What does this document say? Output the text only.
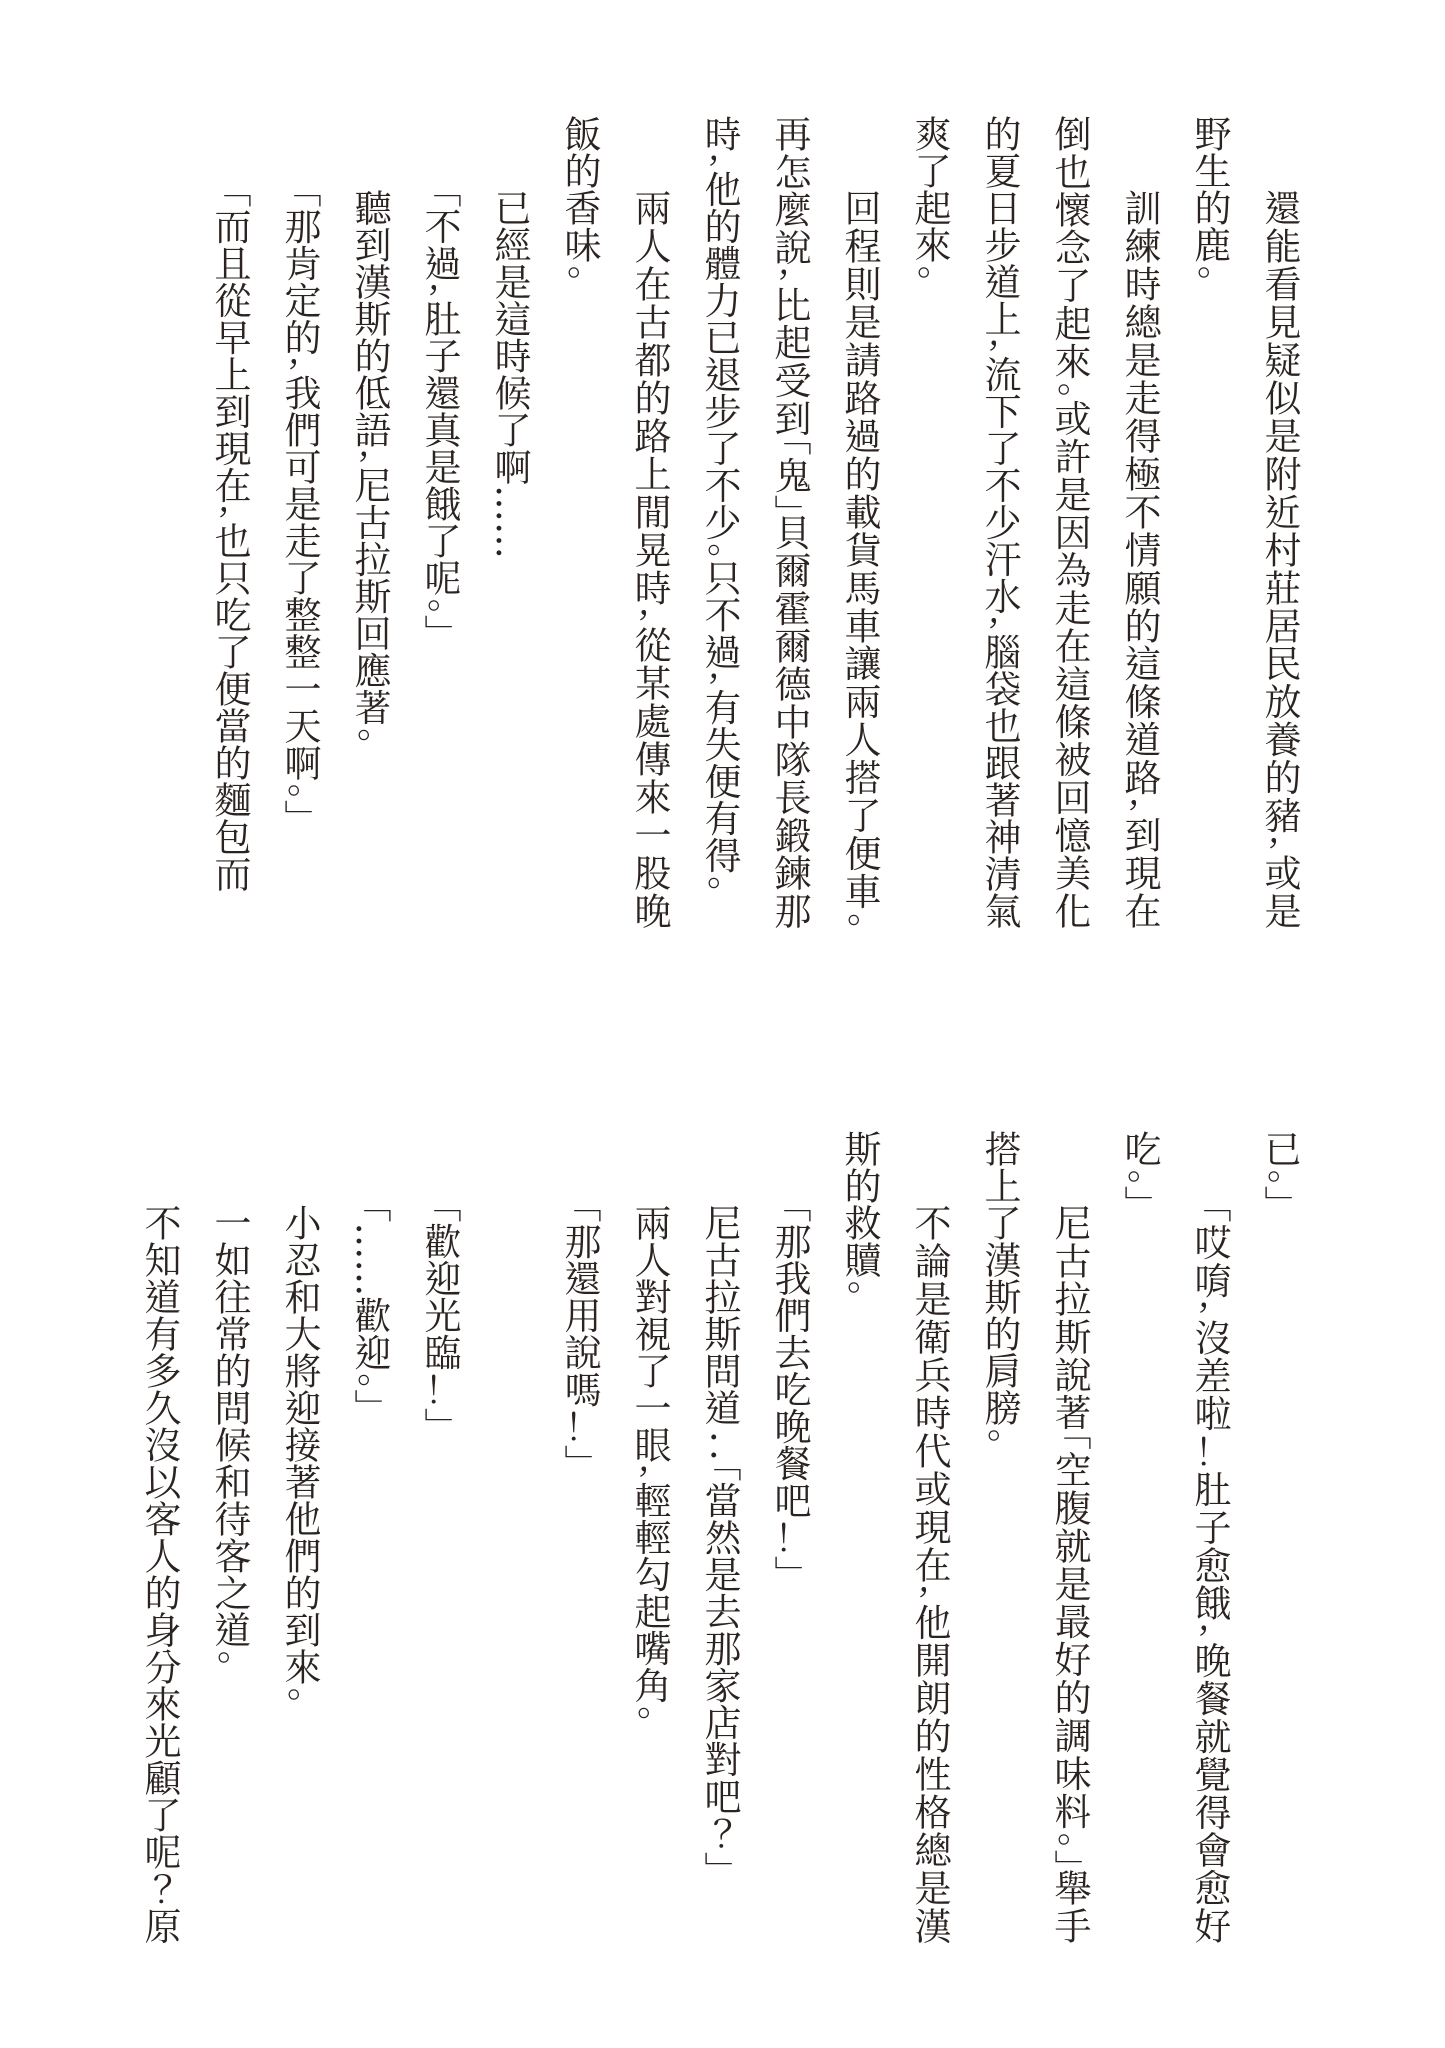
還能看見疑似是附近村莊居民放養的豬，或是野生的鹿。

訓練時總是走得極不情願的這條道路，到現在倒也懷念了起來。或許是因為走在這條被回憶美化的夏日步道上，流下了不少汗水，腦袋也跟著神清氣爽了起來。

回程則是請路過的載貨馬車讓兩人搭了便車。再怎麼說，比起受到「鬼」貝爾霍爾德中隊長鍛鍊那時，他的體力已退步了不少。只不過，有失便有得。

兩人在古都的路上閒晃時，從某處傳來一股晚飯的香味。

已經是這時候了啊……

「不過，肚子還真是餓了呢。」

聽到漢斯的低語，尼古拉斯回應著。

「那肯定的，我們可是走了整整一天啊。」

「而且從早上到現在，也只吃了便當的麵包而

已。」

「哎唷，沒差啦！肚子愈餓，晚餐就覺得會愈好吃。」

尼古拉斯說著「空腹就是最好的調味料。」舉手搭上了漢斯的肩膀。

不論是衛兵時代或現在，他開朗的性格總是漢斯的救贖。

「那我們去吃晚餐吧！」

尼古拉斯問道：「當然是去那家店對吧？」

兩人對視了一眼，輕輕勾起嘴角。

「那還用說嗎！」

「歡迎光臨！」

「……歡迎。」

小忍和大將迎接著他們的到來。

一如往常的問候和待客之道。

不知道有多久沒以客人的身分來光顧了呢？原
